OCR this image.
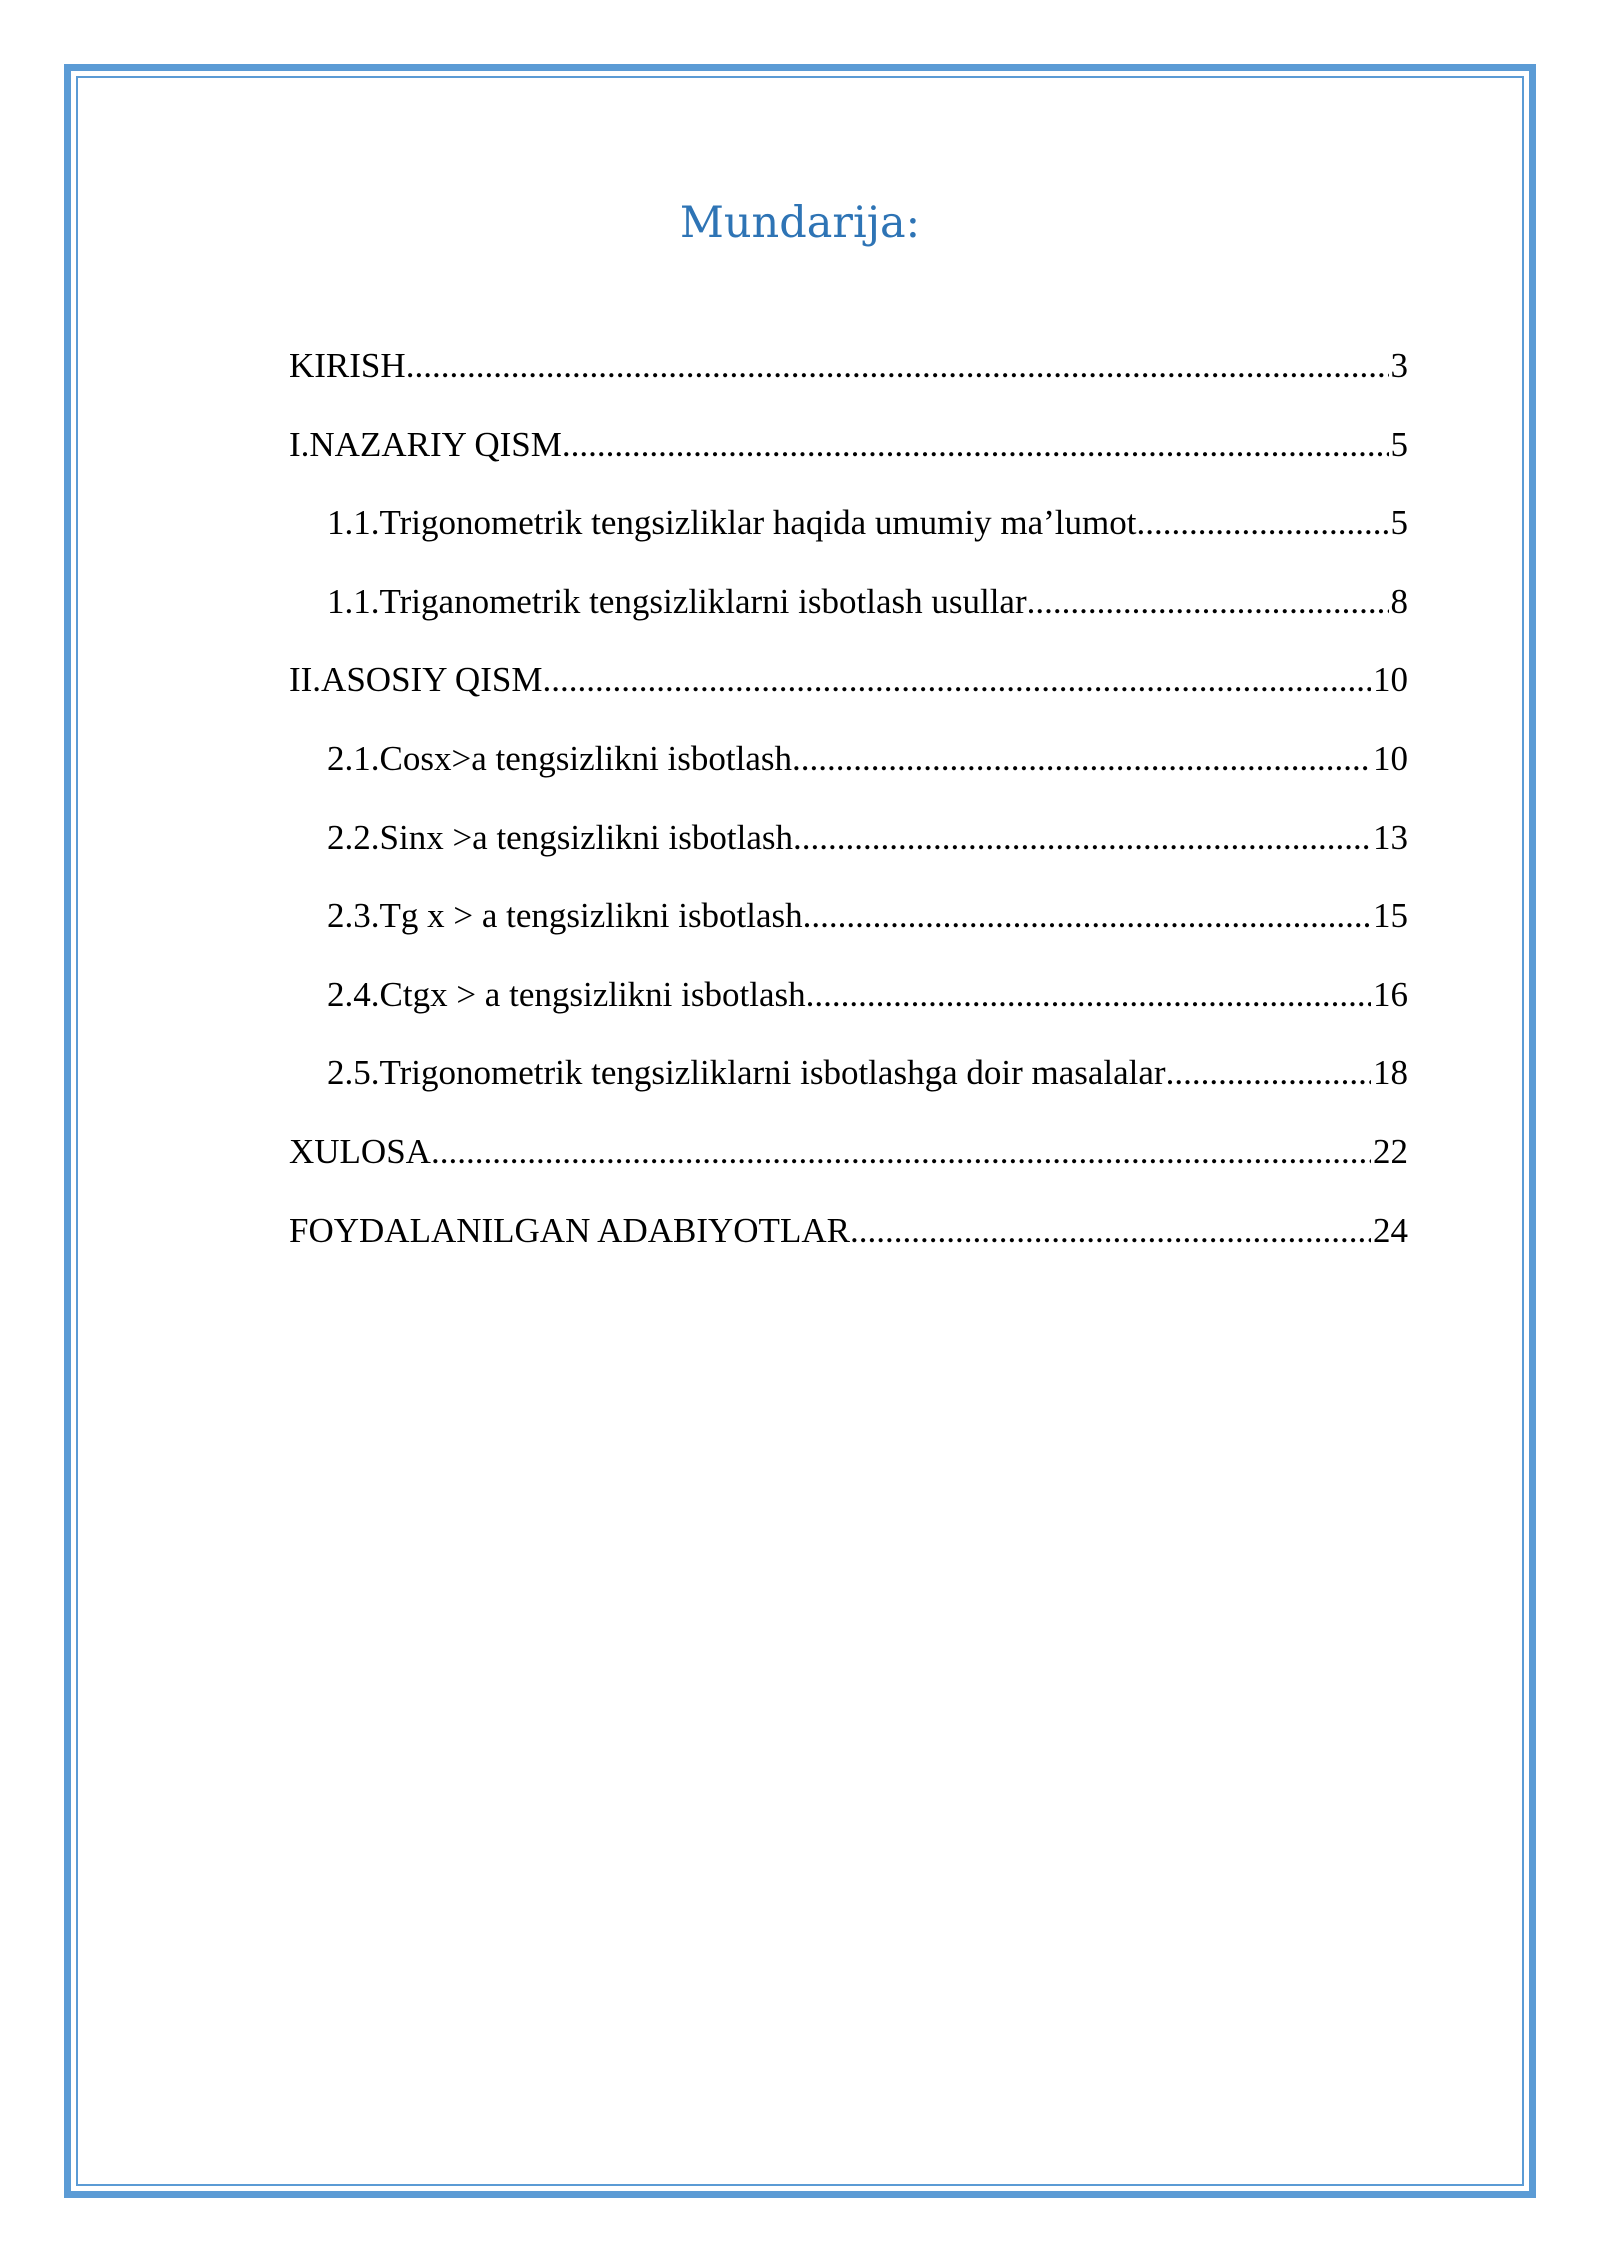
Mundarija:
KIRISH .....	3
I.NAZARIY QISM .....	5
1.1.Trigonometrik tengsizliklar haqida umumiy ma’lumot .....	5
1.1.Triganometrik tengsizliklarni isbotlash usullar .....	8
II.ASOSIY QISM .....	10
2.1.Cosx>a tengsizlikni isbotlash .....	10
2.2.Sinx >a tengsizlikni isbotlash .....	13
2.3.Tg x > a tengsizlikni isbotlash .....	15
2.4.Ctgx > a tengsizlikni isbotlash .....	16
2.5.Trigonometrik tengsizliklarni isbotlashga doir masalalar .....	18
XULOSA .....	22
FOYDALANILGAN ADABIYOTLAR .....	24
